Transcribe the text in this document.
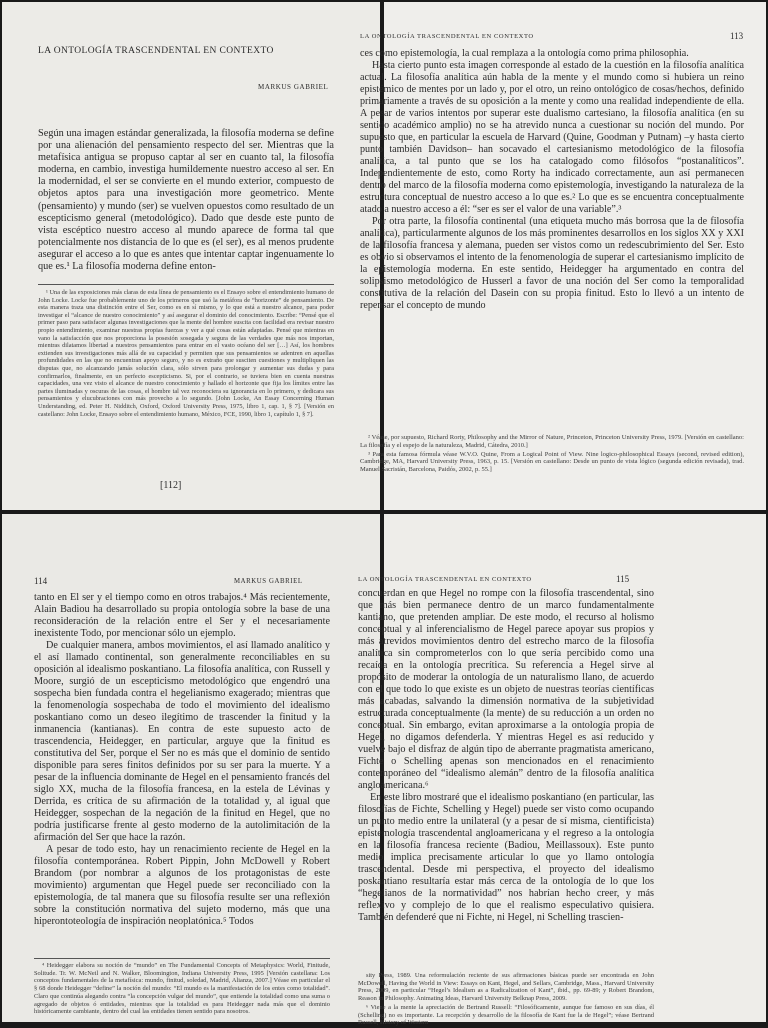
LA ONTOLOGÍA TRASCENDENTAL EN CONTEXTO
MARKUS GABRIEL

Según una imagen estándar generalizada, la filosofía moderna se define por una alienación del pensamiento respecto del ser. Mientras que la metafísica antigua se propuso captar al ser en cuanto tal, la filosofía moderna, en cambio, investiga humildemente nuestro acceso al ser. En la modernidad, el ser se convierte en el mundo exterior, compuesto de objetos aptos para una investigación more geometrico. Mente (pensamiento) y mundo (ser) se vuelven opuestos como resultado de un escepticismo general (metodológico). Dado que desde este punto de vista escéptico nuestro acceso al mundo aparece de forma tal que potencialmente nos distancia de lo que es (el ser), es al menos prudente asegurar el acceso a lo que es antes que intentar captar ingenuamente lo que es.¹ La filosofía moderna define enton-

¹ Una de las exposiciones más claras de esta línea de pensamiento es el Ensayo sobre el entendimiento humano de John Locke. Locke fue probablemente uno de los primeros que usó la metáfora de “horizonte” de pensamiento. De esta manera traza una distinción entre el Ser, como es en sí mismo, y lo que está a nuestro alcance, para poder investigar el “alcance de nuestro conocimiento” y así asegurar el dominio del conocimiento. Escribe: “Pensé que el primer paso para satisfacer algunas investigaciones que la mente del hombre suscita con facilidad era revisar nuestro propio entendimiento, examinar nuestras propias fuerzas y ver a qué cosas están adaptadas. Pensé que mientras en vano la satisfacción que nos proporciona la posesión sosegada y segura de las verdades que más nos importan, mientras dilatamos libertad a nuestros pensamientos para entrar en el vasto océano del ser […] Así, los hombres extienden sus investigaciones más allá de su capacidad y permiten que sus pensamientos se adentren en aquellas profundidades en las que no encuentran apoyo seguro, y no es extraño que susciten cuestiones y multipliquen las disputas que, no alcanzando jamás solución clara, sólo sirven para prolongar y aumentar sus dudas y para confirmarlos, finalmente, en un perfecto escepticismo. Si, por el contrario, se tuviera bien en cuenta nuestras capacidades, una vez visto el alcance de nuestro conocimiento y hallado el horizonte que fija los límites entre las partes iluminadas y oscuras de las cosas, el hombre tal vez reconociera su ignorancia en lo primero, y dedicara sus pensamientos y elucubraciones con más provecho a lo segundo. [John Locke, An Essay Concerning Human Understanding, ed. Peter H. Nidditch, Oxford, Oxford University Press, 1975, libro 1, cap. 1, § 7]. [Versión en castellano: John Locke, Ensayo sobre el entendimiento humano, México, FCE, 1990, libro 1, capítulo 1, § 7].

[112]
LA ONTOLOGÍA TRASCENDENTAL EN CONTEXTO	113

ces como epistemología, la cual remplaza a la ontología como prima philosophia.

Hasta cierto punto esta imagen corresponde al estado de la cuestión en la filosofía analítica actual. La filosofía analítica aún habla de la mente y el mundo como si hubiera un reino epistémico de mentes por un lado y, por el otro, un reino ontológico de cosas/hechos, definido primariamente a través de su oposición a la mente y como una realidad independiente de ella. A pesar de varios intentos por superar este dualismo cartesiano, la filosofía analítica (en su sentido académico amplio) no se ha atrevido nunca a cuestionar su noción del mundo. Por supuesto que, en particular la escuela de Harvard (Quine, Goodman y Putnam) –y hasta cierto punto también Davidson– han socavado el cartesianismo metodológico de la filosofía analítica, a tal punto que se los ha catalogado como filósofos “postanalíticos”. Independientemente de esto, como Rorty ha indicado correctamente, aun así permanecen dentro del marco de la filosofía moderna como epistemología, investigando la naturaleza de la estructura conceptual de nuestro acceso a lo que es.² Lo que es se encuentra conceptualmente atado a nuestro acceso a él: “ser es ser el valor de una variable”.³

Por otra parte, la filosofía continental (una etiqueta mucho más borrosa que la de filosofía analítica), particularmente algunos de los más prominentes desarrollos en los siglos XX y XXI de la filosofía francesa y alemana, pueden ser vistos como un redescubrimiento del Ser. Esto es obvio si observamos el intento de la fenomenología de superar el cartesianismo implícito de la epistemología moderna. En este sentido, Heidegger ha argumentado en contra del solipsismo metodológico de Husserl a favor de una noción del Ser como la temporalidad constitutiva de la relación del Dasein con su propia finitud. Esto lo llevó a un intento de repensar el concepto de mundo

² Véase, por supuesto, Richard Rorty, Philosophy and the Mirror of Nature, Princeton, Princeton University Press, 1979. [Versión en castellano: La filosofía y el espejo de la naturaleza, Madrid, Cátedra, 2010.]

³ Para esta famosa fórmula véase W.V.O. Quine, From a Logical Point of View. Nine logico-philosophical Essays (second, revised edition), Cambridge, MA, Harvard University Press, 1963, p. 15. [Versión en castellano: Desde un punto de vista lógico (segunda edición revisada), trad. Manuel Sacristán, Barcelona, Paidós, 2002, p. 55.]

114	MARKUS GABRIEL

tanto en El ser y el tiempo como en otros trabajos.⁴ Más recientemente, Alain Badiou ha desarrollado su propia ontología sobre la base de una reconsideración de la relación entre el Ser y el necesariamente inexistente Todo, por mencionar sólo un ejemplo.

De cualquier manera, ambos movimientos, el así llamado analítico y el así llamado continental, son generalmente reconciliables en su oposición al idealismo poskantiano. La filosofía analítica, con Russell y Moore, surgió de un escepticismo metodológico que engendró una sospecha bien fundada contra el hegelianismo exagerado; mientras que la fenomenología sospechaba de todo el movimiento del idealismo poskantiano como un deseo ilegítimo de trascender la finitud y la inmanencia (kantianas). En contra de este supuesto acto de trascendencia, Heidegger, en particular, arguye que la finitud es constitutiva del Ser, porque el Ser no es más que el dominio de sentido disponible para seres finitos definidos por su ser para la muerte. Y a pesar de la influencia dominante de Hegel en el pensamiento francés del siglo XX, mucha de la filosofía francesa, en la estela de Lévinas y Derrida, es crítica de su afirmación de la totalidad y, al igual que Heidegger, sospechan de la negación de la finitud en Hegel, que no podría justificarse frente al gesto moderno de la autolimitación de la afirmación del Ser que hace la razón.

A pesar de todo esto, hay un renacimiento reciente de Hegel en la filosofía contemporánea. Robert Pippin, John McDowell y Robert Brandom (por nombrar a algunos de los protagonistas de este movimiento) argumentan que Hegel puede ser reconciliado con la epistemología, de tal manera que su filosofía resulte ser una reflexión sobre la constitución normativa del sujeto moderno, más que una hiperontoteología de inspiración neoplatónica.⁵ Todos

⁴ Heidegger elabora su noción de “mundo” en The Fundamental Concepts of Metaphysics: World, Finitude, Solitude. Tr. W. McNeil and N. Walker, Bloomington, Indiana University Press, 1995 [Versión castellana: Los conceptos fundamentales de la metafísica: mundo, finitud, soledad, Madrid, Alianza, 2007.] Véase en particular el § 68 donde Heidegger “define” la noción del mundo: “El mundo es la manifestación de los entes como totalidad”. Claro que continúa alegando contra “la concepción vulgar del mundo”, que entiende la totalidad como una suma o agregado de objetos ó entidades, mientras que la totalidad es para Heidegger nada más que el dominio históricamente cambiante, dentro del cual las entidades tienen sentido para nosotros.

LA ONTOLOGÍA TRASCENDENTAL EN CONTEXTO	115

concuerdan en que Hegel no rompe con la filosofía trascendental, sino que más bien permanece dentro de un marco fundamentalmente kantiano, que pretenden ampliar. De este modo, el recurso al holismo conceptual y al inferencialismo de Hegel parece apoyar sus propios y más atrevidos movimientos dentro del estrecho marco de la filosofía analítica sin comprometerlos con lo que sería percibido como una recaída en la ontología precrítica. Su referencia a Hegel sirve al propósito de moderar la ontología de un naturalismo llano, de acuerdo con el que todo lo que existe es un objeto de nuestras teorías científicas más acabadas, salvando la dimensión normativa de la subjetividad estructurada conceptualmente (la mente) de su reducción a un orden no conceptual. Sin embargo, evitan aproximarse a la ontología propia de Hegel, no digamos defenderla. Y mientras Hegel es así reducido y vuelve bajo el disfraz de algún tipo de aberrante pragmatista americano, Fichte o Schelling apenas son mencionados en el renacimiento contemporáneo del “idealismo alemán” dentro de la filosofía analítica angloamericana.⁶

En este libro mostraré que el idealismo poskantiano (en particular, las filosofías de Fichte, Schelling y Hegel) puede ser visto como ocupando un punto medio entre la unilateral (y a pesar de sí misma, cientificista) epistemología trascendental angloamericana y el regreso a la ontología en la filosofía francesa reciente (Badiou, Meillassoux). Este punto medio implica precisamente articular lo que yo llamo ontología trascendental. Desde mi perspectiva, el proyecto del idealismo poskantiano resultaría estar más cerca de la ontología de lo que los “hegelianos de la normatividad” nos habrían hecho creer, y más reflexivo y complejo de lo que el realismo especulativo quisiera. También defenderé que ni Fichte, ni Hegel, ni Schelling trascien-

sity Press, 1989. Una reformulación reciente de sus afirmaciones básicas puede ser encontrada en John McDowell, Having the World in View: Essays on Kant, Hegel, and Sellars, Cambridge, Mass., Harvard University Press, 2009, en particular “Hegel’s Idealism as a Radicalization of Kant”, ibid., pp. 69-89; y Robert Brandom, Reason in Philosophy. Animating Ideas, Harvard University Belknap Press, 2009.

⁶ Viene a la mente la apreciación de Bertrand Russell: “Filosóficamente, aunque fue famoso en sus días, él (Schelling) no es importante. La recepción y desarrollo de la filosofía de Kant fue la de Hegel”; véase Bertrand Russell, History of Western
